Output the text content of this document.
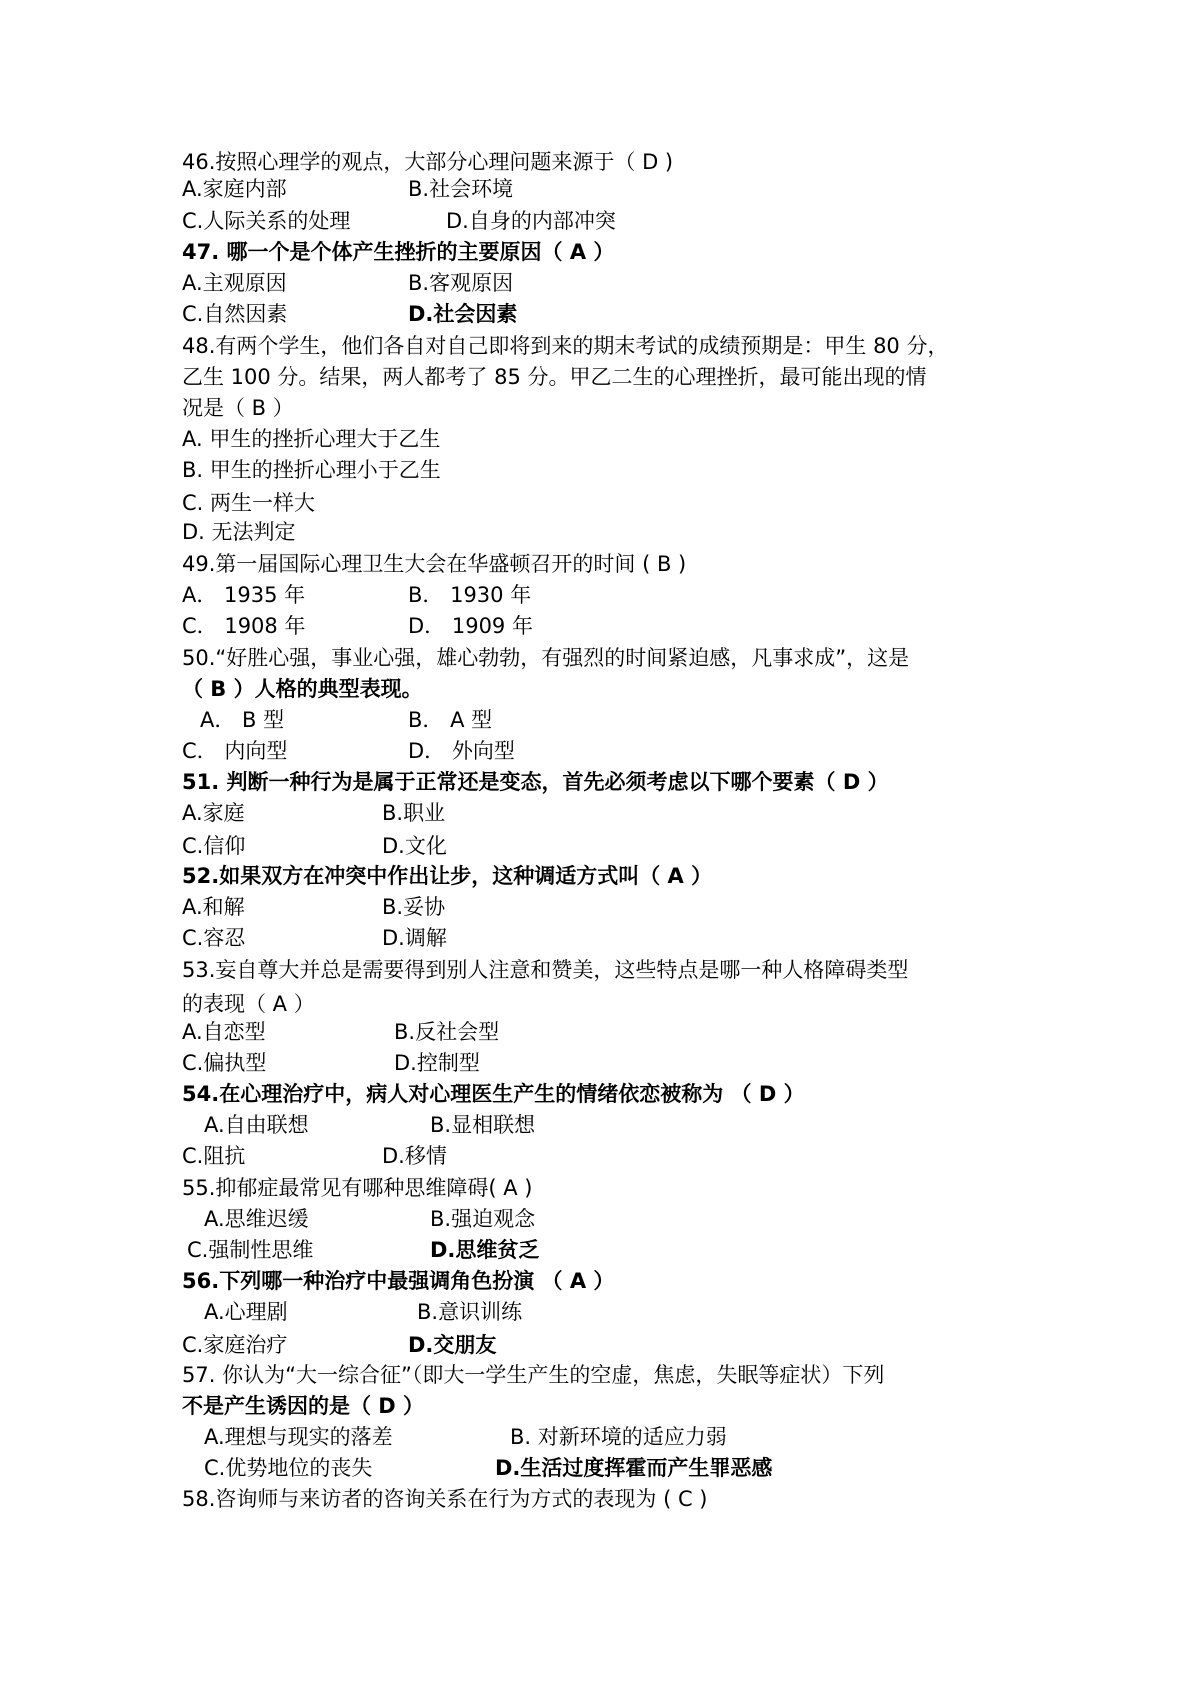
46.按照心理学的观点，大部分心理问题来源于（ D )
A.家庭内部	B.社会环境
C.人际关系的处理	D.自身的内部冲突
47. 哪一个是个体产生挫折的主要原因（ A ）
A.主观原因	B.客观原因
C.自然因素	D.社会因素
48.有两个学生，他们各自对自己即将到来的期末考试的成绩预期是：甲生 80 分，
乙生 100 分。结果，两人都考了 85 分。甲乙二生的心理挫折，最可能出现的情
况是（ B ）
A. 甲生的挫折心理大于乙生
B. 甲生的挫折心理小于乙生
C. 两生一样大
D. 无法判定
49.第一届国际心理卫生大会在华盛顿召开的时间 ( B )
A． 1935 年	B． 1930 年
C． 1908 年	D． 1909 年
50.“好胜心强，事业心强，雄心勃勃，有强烈的时间紧迫感，凡事求成”，这是
（ B ）人格的典型表现。
A． B 型	B． A 型
C． 内向型	D． 外向型
51. 判断一种行为是属于正常还是变态，首先必须考虑以下哪个要素（ D ）
A.家庭	B.职业
C.信仰	D.文化
52.如果双方在冲突中作出让步，这种调适方式叫（ A ）
A.和解	B.妥协
C.容忍	D.调解
53.妄自尊大并总是需要得到别人注意和赞美，这些特点是哪一种人格障碍类型
的表现（ A ）
A.自恋型	B.反社会型
C.偏执型	D.控制型
54.在心理治疗中，病人对心理医生产生的情绪依恋被称为 （ D ）
A.自由联想	B.显相联想
C.阻抗	D.移情
55.抑郁症最常见有哪种思维障碍( A )
A.思维迟缓	B.强迫观念
C.强制性思维	D.思维贫乏
56.下列哪一种治疗中最强调角色扮演 （ A ）
A.心理剧	B.意识训练
C.家庭治疗	D.交朋友
57. 你认为“大一综合征”（即大一学生产生的空虚，焦虑，失眠等症状）下列
不是产生诱因的是（ D ）
A.理想与现实的落差	B. 对新环境的适应力弱
C.优势地位的丧失	D.生活过度挥霍而产生罪恶感
58.咨询师与来访者的咨询关系在行为方式的表现为 ( C )
